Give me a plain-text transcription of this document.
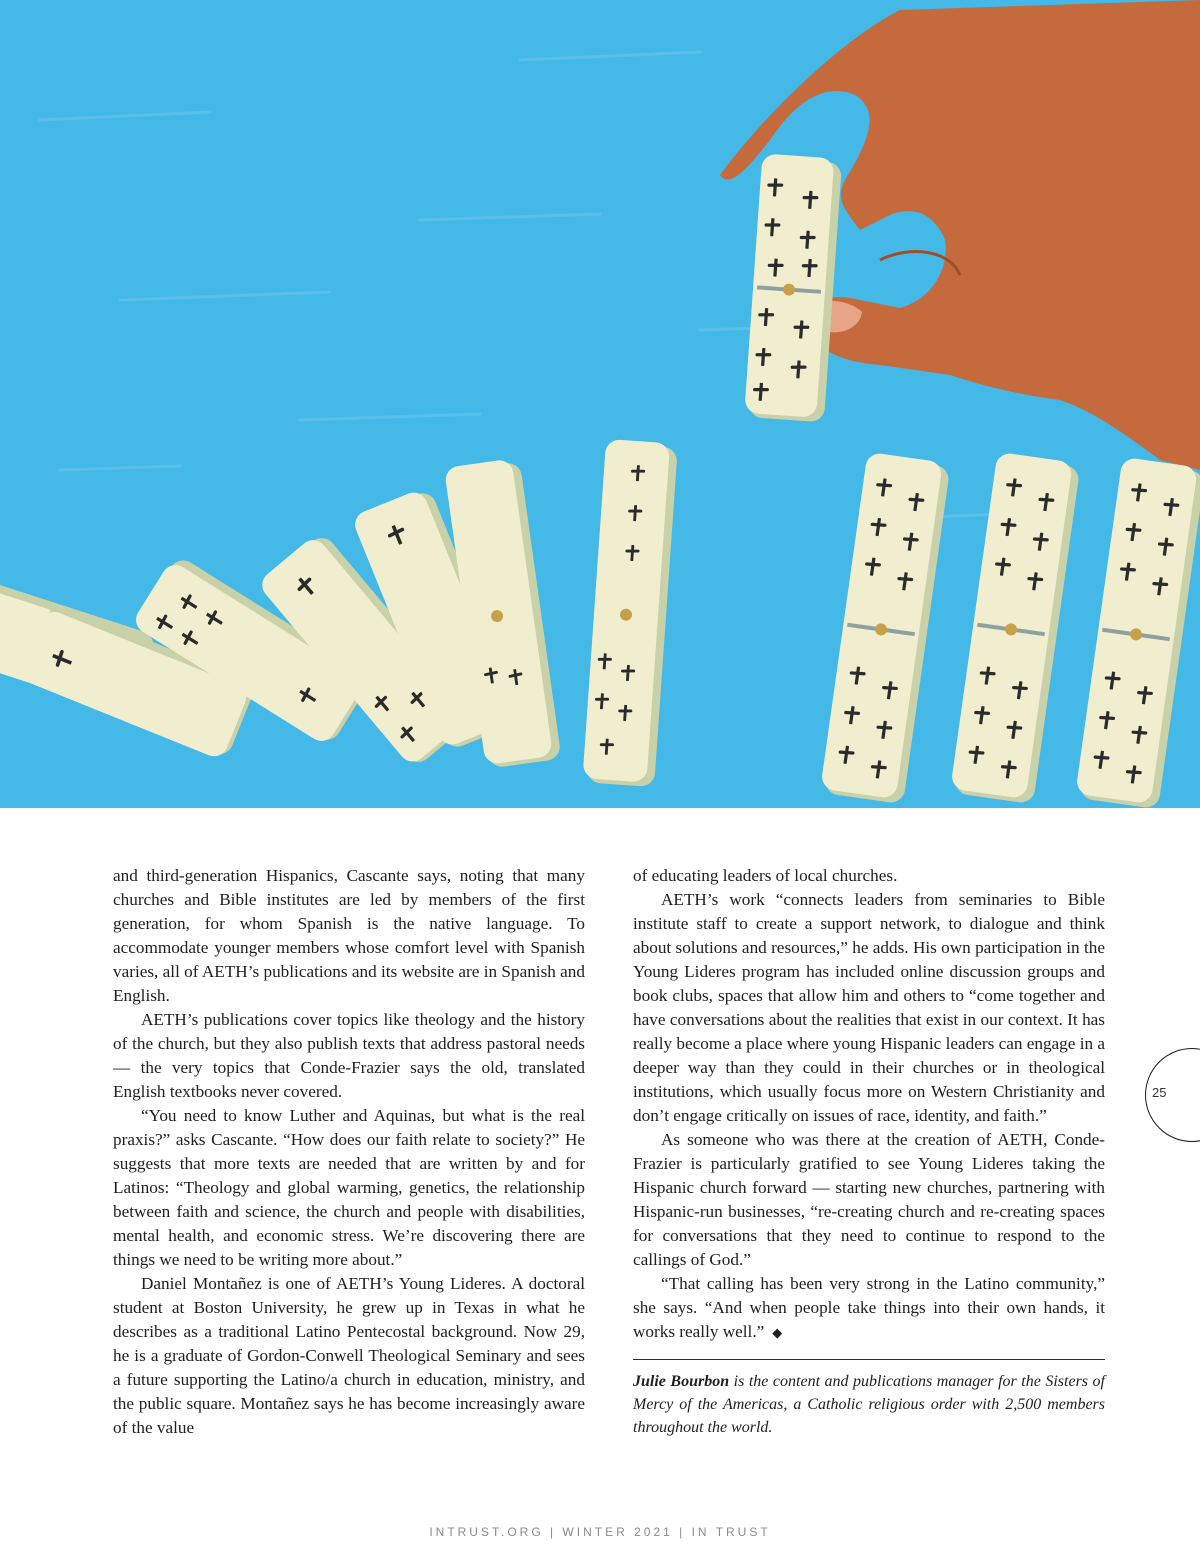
and third-generation Hispanics, Cascante says, noting that many churches and Bible institutes are led by members of the first generation, for whom Spanish is the native language. To accommodate younger members whose comfort level with Spanish varies, all of AETH’s publications and its website are in Spanish and English.

AETH’s publications cover topics like theology and the history of the church, but they also publish texts that address pastoral needs — the very topics that Conde-Frazier says the old, translated English textbooks never covered.

“You need to know Luther and Aquinas, but what is the real praxis?” asks Cascante. “How does our faith relate to society?” He suggests that more texts are needed that are written by and for Latinos: “Theology and global warming, genetics, the relationship between faith and science, the church and people with disabilities, mental health, and economic stress. We’re discovering there are things we need to be writing more about.”

Daniel Montañez is one of AETH’s Young Lideres. A doctoral student at Boston University, he grew up in Texas in what he describes as a traditional Latino Pentecostal background. Now 29, he is a graduate of Gordon-Conwell Theological Seminary and sees a future supporting the Latino/a church in education, ministry, and the public square. Montañez says he has become increasingly aware of the value

of educating leaders of local churches.

AETH’s work “connects leaders from seminaries to Bible institute staff to create a support network, to dialogue and think about solutions and resources,” he adds. His own participation in the Young Lideres program has included online discussion groups and book clubs, spaces that allow him and others to “come together and have conversations about the realities that exist in our context. It has really become a place where young Hispanic leaders can engage in a deeper way than they could in their churches or in theological institutions, which usually focus more on Western Christianity and don’t engage critically on issues of race, identity, and faith.”

As someone who was there at the creation of AETH, Conde-Frazier is particularly gratified to see Young Lideres taking the Hispanic church forward — starting new churches, partnering with Hispanic-run businesses, “re-creating church and re-creating spaces for conversations that they need to continue to respond to the callings of God.”

“That calling has been very strong in the Latino community,” she says. “And when people take things into their own hands, it works really well.” ◆

Julie Bourbon is the content and publications manager for the Sisters of Mercy of the Americas, a Catholic religious order with 2,500 members throughout the world.

25
INTRUST.ORG | WINTER 2021 | IN TRUST
